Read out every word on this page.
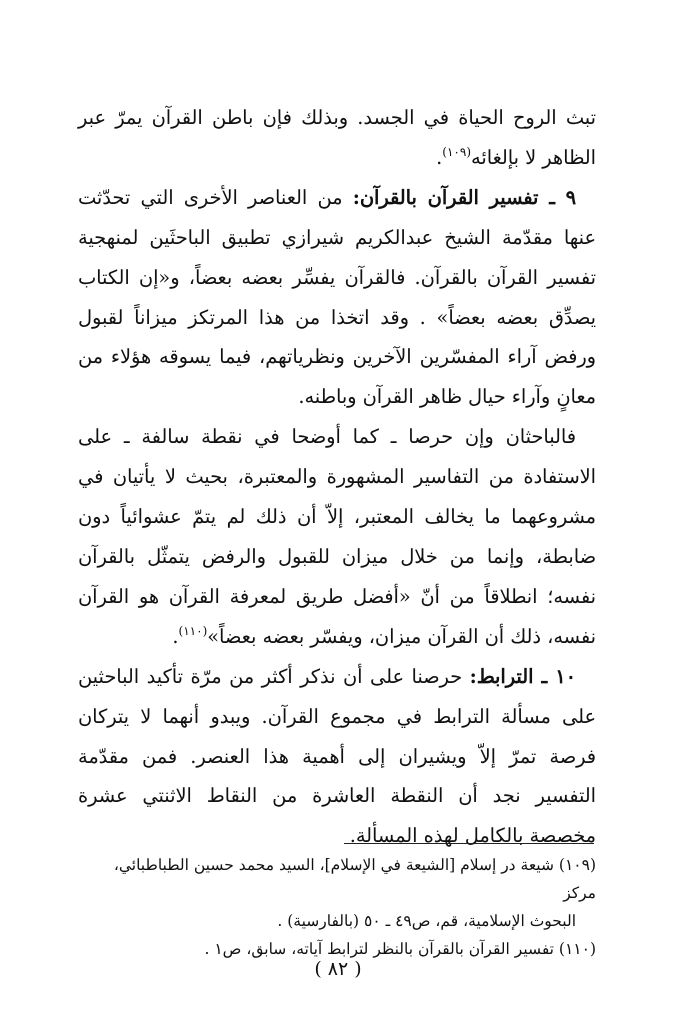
تبث الروح الحياة في الجسد. وبذلك فإن باطن القرآن يمرّ عبر الظاهر لا بإلغائه$^{(١٠٩)}$.

٩ ـ تفسير القرآن بالقرآن: من العناصر الأخرى التي تحدّثت عنها مقدّمة الشيخ عبدالكريم شيرازي تطبيق الباحثَين لمنهجية تفسير القرآن بالقرآن. فالقرآن يفسِّر بعضه بعضاً، و«إن الكتاب يصدِّق بعضه بعضاً» . وقد اتخذا من هذا المرتكز ميزاناً لقبول ورفض آراء المفسّرين الآخرين ونظرياتهم، فيما يسوقه هؤلاء من معانٍ وآراء حيال ظاهر القرآن وباطنه.

فالباحثان وإن حرصا ـ كما أوضحا في نقطة سالفة ـ على الاستفادة من التفاسير المشهورة والمعتبرة، بحيث لا يأتيان في مشروعهما ما يخالف المعتبر، إلاّ أن ذلك لم يتمّ عشوائياً دون ضابطة، وإنما من خلال ميزان للقبول والرفض يتمثّل بالقرآن نفسه؛ انطلاقاً من أنّ «أفضل طريق لمعرفة القرآن هو القرآن نفسه، ذلك أن القرآن ميزان، ويفسّر بعضه بعضاً»$^{(١١٠)}$.

١٠ ـ الترابط: حرصنا على أن نذكر أكثر من مرّة تأكيد الباحثين على مسألة الترابط في مجموع القرآن. ويبدو أنهما لا يتركان فرصة تمرّ إلاّ ويشيران إلى أهمية هذا العنصر. فمن مقدّمة التفسير نجد أن النقطة العاشرة من النقاط الاثنتي عشرة مخصصة بالكامل لهذه المسألة.

(١٠٩) شيعة در إسلام [الشيعة في الإسلام]، السيد محمد حسين الطباطبائي، مركز

البحوث الإسلامية، قم، ص٤٩ ـ ٥٠ (بالفارسية) .

(١١٠) تفسير القرآن بالقرآن بالنظر لترابط آياته، سابق، ص١ .

( ٨٢ )
